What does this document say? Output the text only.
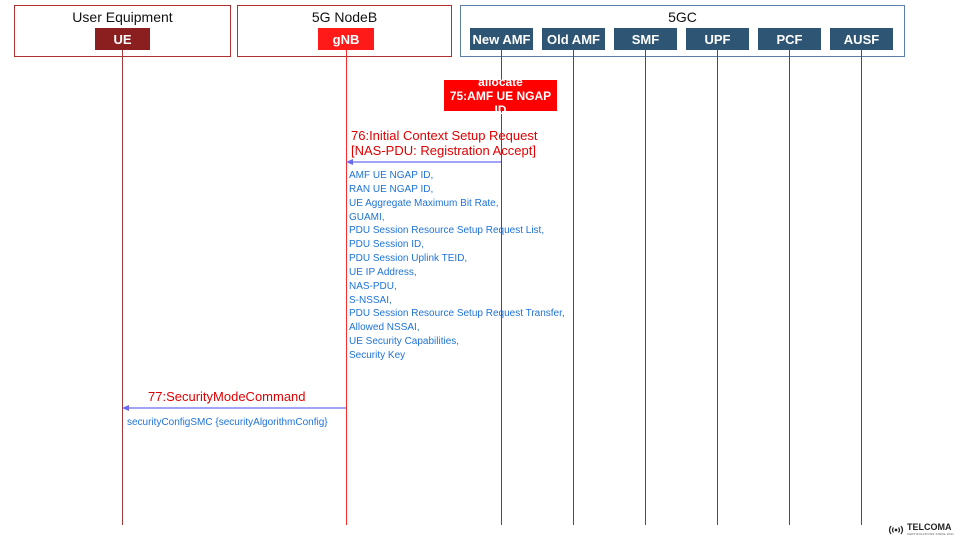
User Equipment	5G NodeB	5GC
UE	gNB	New AMF	Old AMF	SMF	UPF	PCF	AUSF
allocate
75:AMF UE NGAP ID
76:Initial Context Setup Request
[NAS-PDU: Registration Accept]
AMF UE NGAP ID,
RAN UE NGAP ID,
UE Aggregate Maximum Bit Rate,
GUAMI,
PDU Session Resource Setup Request List,
PDU Session ID,
PDU Session Uplink TEID,
UE IP Address,
NAS-PDU,
S-NSSAI,
PDU Session Resource Setup Request Transfer,
Allowed NSSAI,
UE Security Capabilities,
Security Key
77:SecurityModeCommand
securityConfigSMC {securityAlgorithmConfig}
TELCOMA
CERTIFICATIONS SINCE 2011
